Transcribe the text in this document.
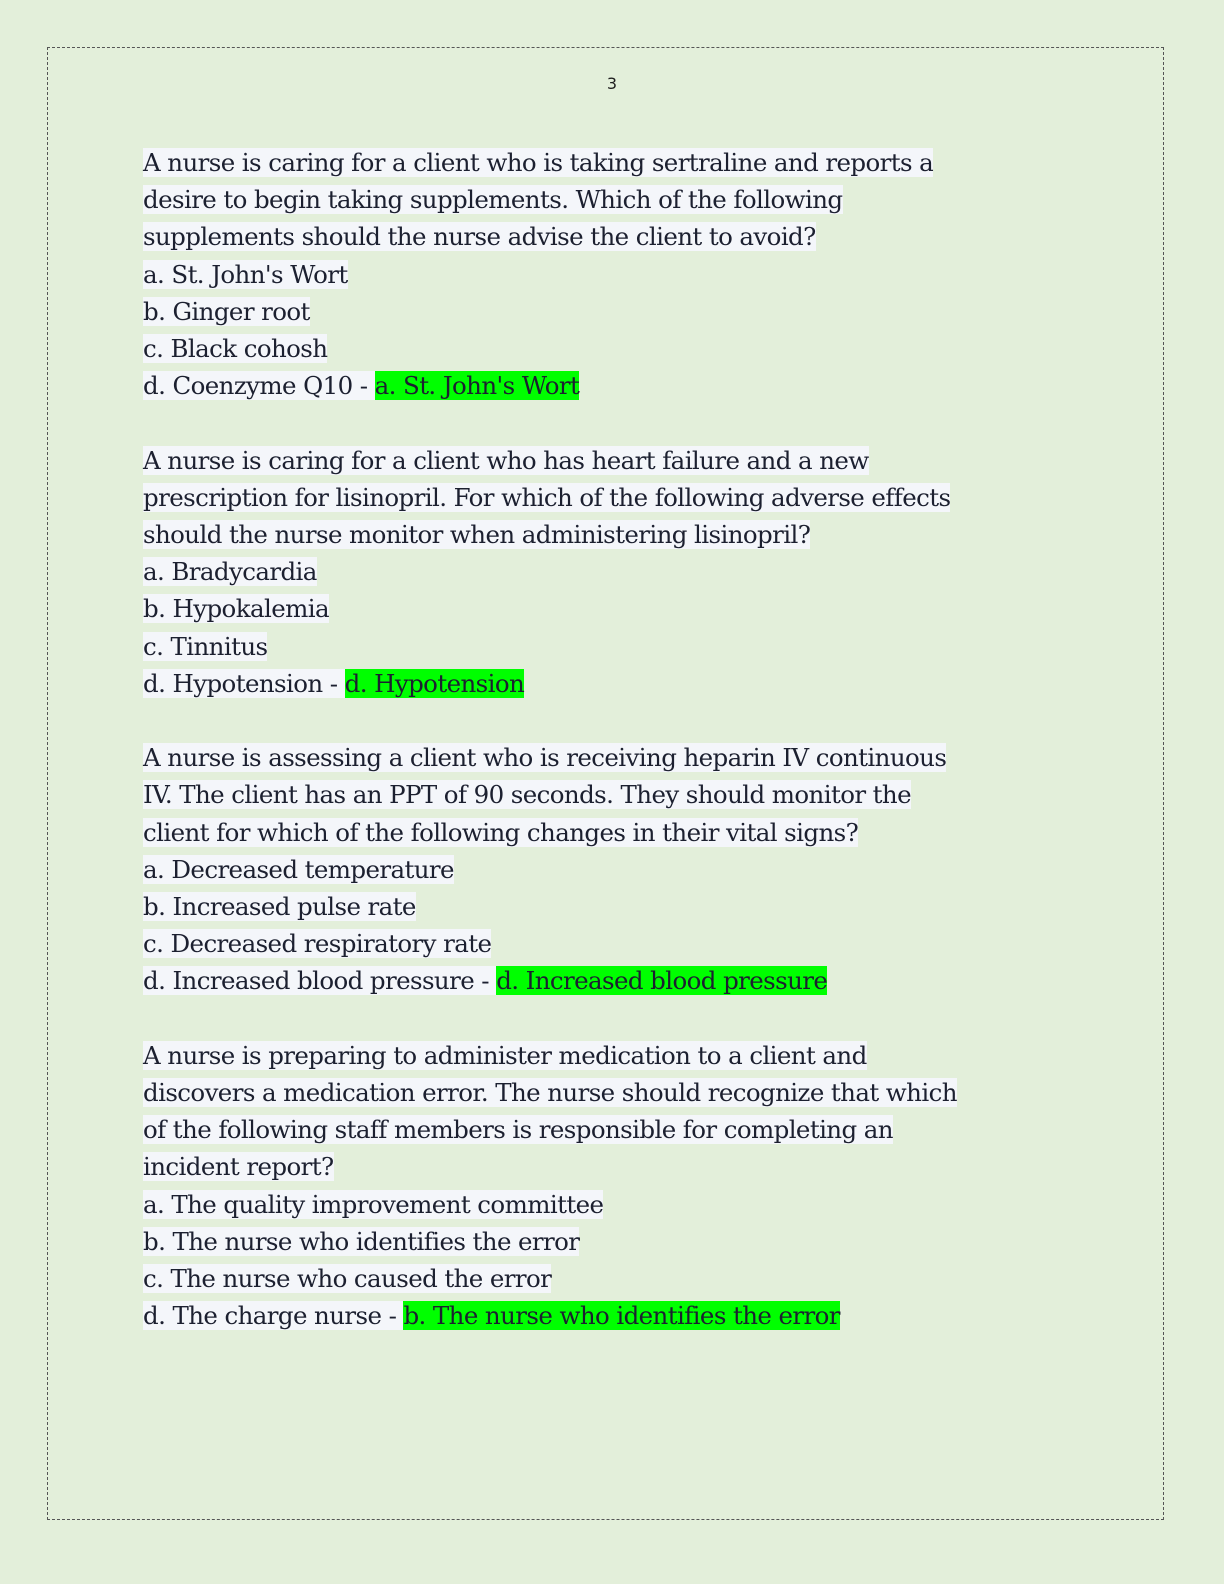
3
A nurse is caring for a client who is taking sertraline and reports a
desire to begin taking supplements. Which of the following
supplements should the nurse advise the client to avoid?
a. St. John's Wort
b. Ginger root
c. Black cohosh
d. Coenzyme Q10 - a. St. John's Wort
A nurse is caring for a client who has heart failure and a new
prescription for lisinopril. For which of the following adverse effects
should the nurse monitor when administering lisinopril?
a. Bradycardia
b. Hypokalemia
c. Tinnitus
d. Hypotension - d. Hypotension
A nurse is assessing a client who is receiving heparin IV continuous
IV. The client has an PPT of 90 seconds. They should monitor the
client for which of the following changes in their vital signs?
a. Decreased temperature
b. Increased pulse rate
c. Decreased respiratory rate
d. Increased blood pressure - d. Increased blood pressure
A nurse is preparing to administer medication to a client and
discovers a medication error. The nurse should recognize that which
of the following staff members is responsible for completing an
incident report?
a. The quality improvement committee
b. The nurse who identifies the error
c. The nurse who caused the error
d. The charge nurse - b. The nurse who identifies the error
